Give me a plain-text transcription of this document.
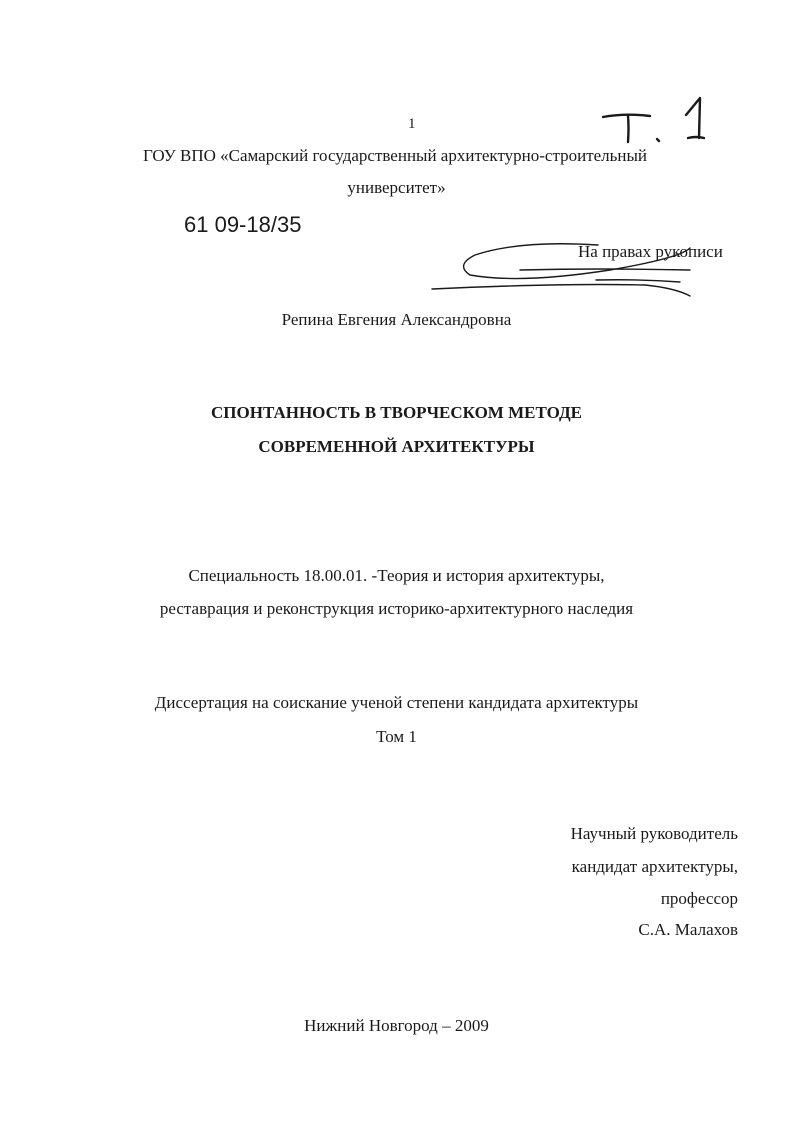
1
ГОУ ВПО «Самарский государственный архитектурно-строительный
университет»
61 09-18/35
На правах рукописи
Репина Евгения Александровна
СПОНТАННОСТЬ В ТВОРЧЕСКОМ МЕТОДЕ
СОВРЕМЕННОЙ АРХИТЕКТУРЫ
Специальность 18.00.01. -Теория и история архитектуры,
реставрация и реконструкция историко-архитектурного наследия
Диссертация на соискание ученой степени кандидата архитектуры
Том 1
Научный руководитель
кандидат архитектуры,
профессор
С.А. Малахов
Нижний Новгород – 2009
